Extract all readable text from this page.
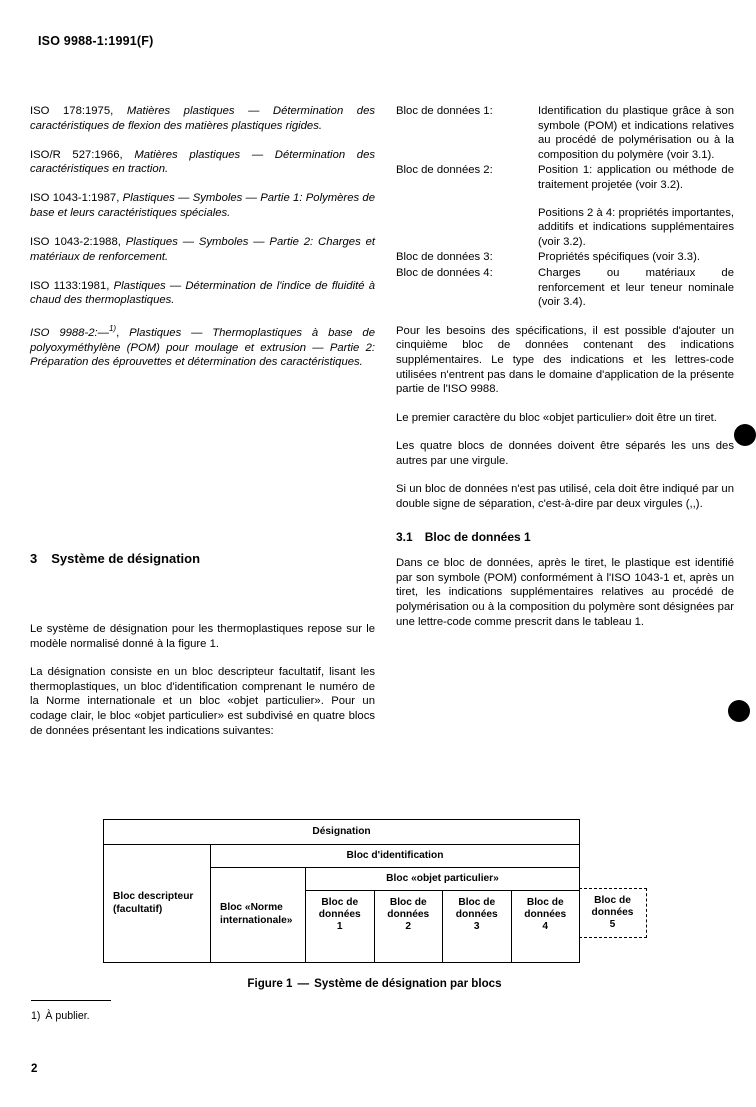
ISO 9988-1:1991(F)

ISO 178:1975, Matières plastiques — Détermination des caractéristiques de flexion des matières plastiques rigides.

ISO/R 527:1966, Matières plastiques — Détermination des caractéristiques en traction.

ISO 1043-1:1987, Plastiques — Symboles — Partie 1: Polymères de base et leurs caractéristiques spéciales.

ISO 1043-2:1988, Plastiques — Symboles — Partie 2: Charges et matériaux de renforcement.

ISO 1133:1981, Plastiques — Détermination de l'indice de fluidité à chaud des thermoplastiques.

ISO 9988-2:—$^{1)}$, Plastiques — Thermoplastiques à base de polyoxyméthylène (POM) pour moulage et extrusion — Partie 2: Préparation des éprouvettes et détermination des caractéristiques.

3 Système de désignation

Le système de désignation pour les thermoplastiques repose sur le modèle normalisé donné à la figure 1.

La désignation consiste en un bloc descripteur facultatif, lisant les thermoplastiques, un bloc d'identification comprenant le numéro de la Norme internationale et un bloc «objet particulier». Pour un codage clair, le bloc «objet particulier» est subdivisé en quatre blocs de données présentant les indications suivantes:

Bloc de données 1:	Identification du plastique grâce à son symbole (POM) et indications relatives au procédé de polymérisation ou à la composition du polymère (voir 3.1).

Bloc de données 2:	Position 1: application ou méthode de traitement projetée (voir 3.2).

Positions 2 à 4: propriétés importantes, additifs et indications supplémentaires (voir 3.2).

Bloc de données 3:	Propriétés spécifiques (voir 3.3).

Bloc de données 4:	Charges ou matériaux de renforcement et leur teneur nominale (voir 3.4).

Pour les besoins des spécifications, il est possible d'ajouter un cinquième bloc de données contenant des indications supplémentaires. Le type des indications et les lettres-code utilisées n'entrent pas dans le domaine d'application de la présente partie de l'ISO 9988.

Le premier caractère du bloc «objet particulier» doit être un tiret.

Les quatre blocs de données doivent être séparés les uns des autres par une virgule.

Si un bloc de données n'est pas utilisé, cela doit être indiqué par un double signe de séparation, c'est-à-dire par deux virgules (,,).

3.1 Bloc de données 1

Dans ce bloc de données, après le tiret, le plastique est identifié par son symbole (POM) conformément à l'ISO 1043-1 et, après un tiret, les indications supplémentaires relatives au procédé de polymérisation ou à la composition du polymère sont désignées par une lettre-code comme prescrit dans le tableau 1.

Désignation
Bloc descripteur
(facultatif)
Bloc d'identification
Bloc «Norme
internationale»
Bloc «objet particulier»
Bloc de
données
1
Bloc de
données
2
Bloc de
données
3
Bloc de
données
4
Bloc de
données
5
Figure 1 — Système de désignation par blocs
1) À publier.
2
